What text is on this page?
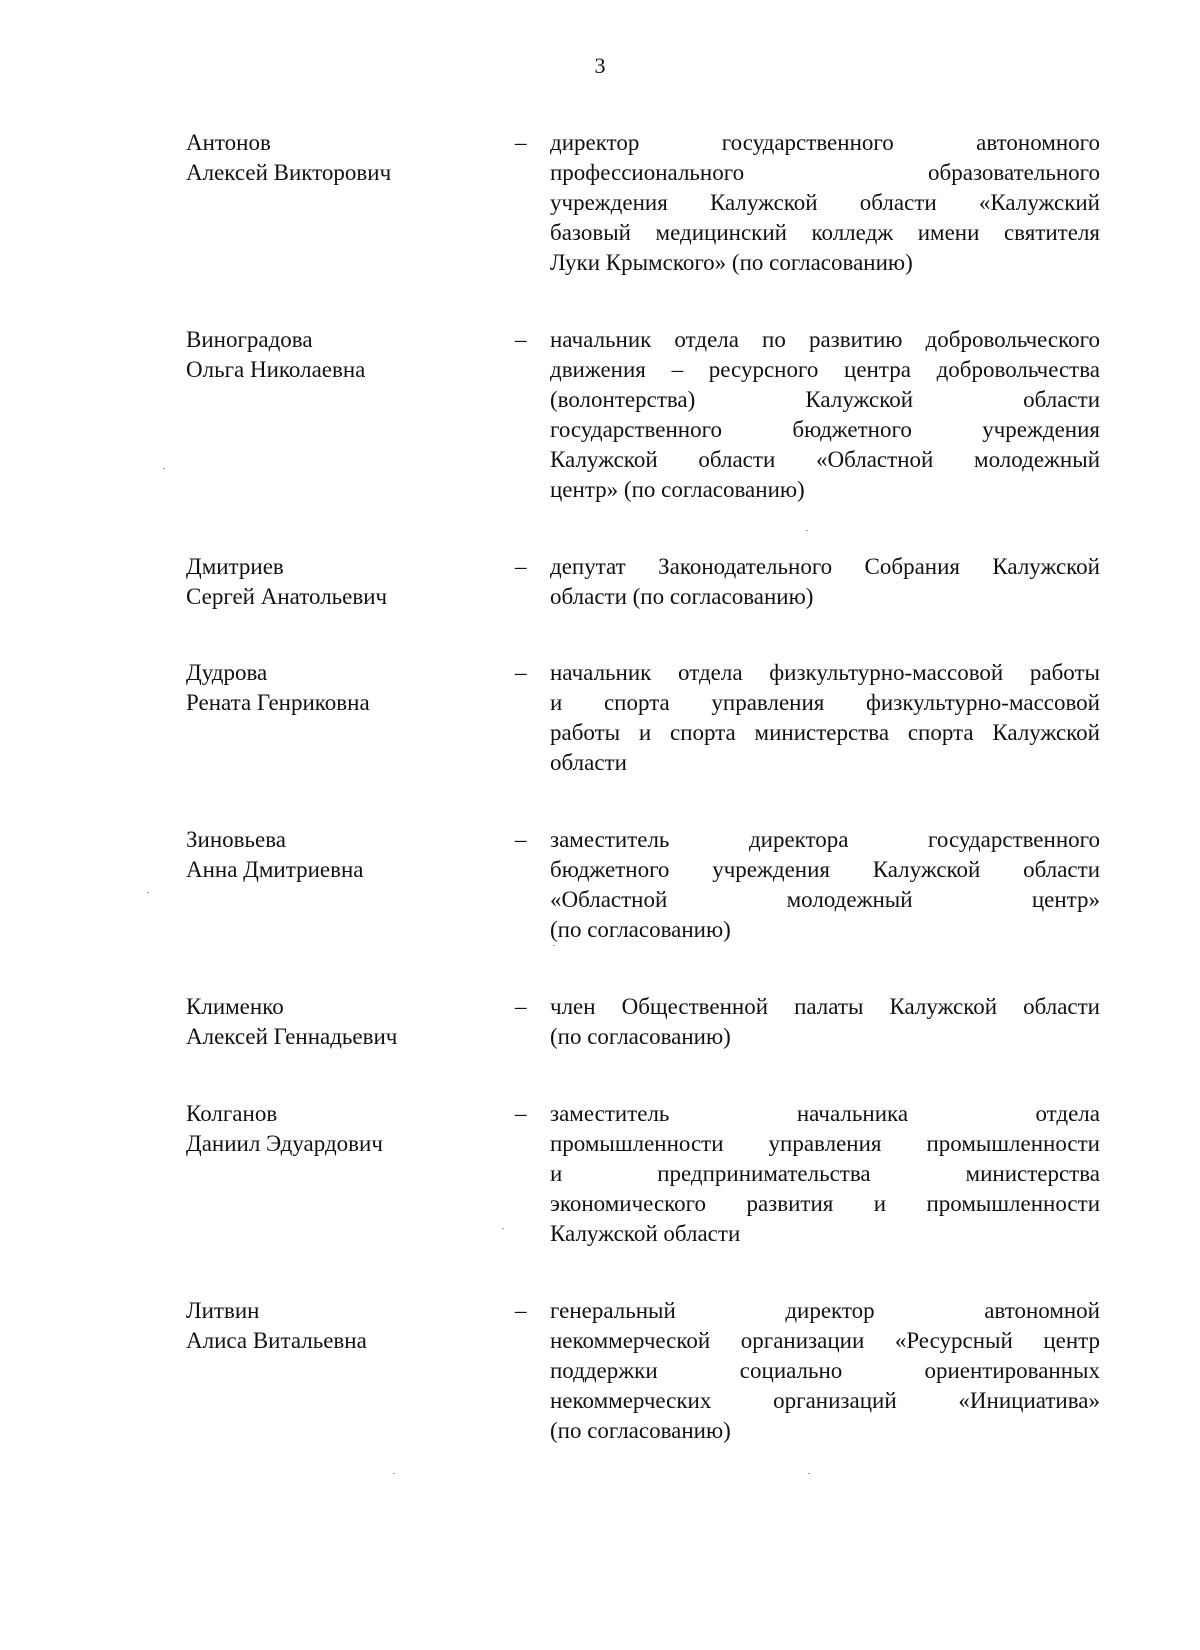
3
Антонов
Алексей Викторович
– директор государственного автономного
профессионального образовательного
учреждения Калужской области «Калужский
базовый медицинский колледж имени святителя
Луки Крымского» (по согласованию)
Виноградова
Ольга Николаевна
– начальник отдела по развитию добровольческого
движения – ресурсного центра добровольчества
(волонтерства) Калужской области
государственного бюджетного учреждения
Калужской области «Областной молодежный
центр» (по согласованию)
Дмитриев
Сергей Анатольевич
– депутат Законодательного Собрания Калужской
области (по согласованию)
Дудрова
Рената Генриковна
– начальник отдела физкультурно-массовой работы
и спорта управления физкультурно-массовой
работы и спорта министерства спорта Калужской
области
Зиновьева
Анна Дмитриевна
– заместитель директора государственного
бюджетного учреждения Калужской области
«Областной молодежный центр»
(по согласованию)
Клименко
Алексей Геннадьевич
– член Общественной палаты Калужской области
(по согласованию)
Колганов
Даниил Эдуардович
– заместитель начальника отдела
промышленности управления промышленности
и предпринимательства министерства
экономического развития и промышленности
Калужской области
Литвин
Алиса Витальевна
– генеральный директор автономной
некоммерческой организации «Ресурсный центр
поддержки социально ориентированных
некоммерческих организаций «Инициатива»
(по согласованию)
